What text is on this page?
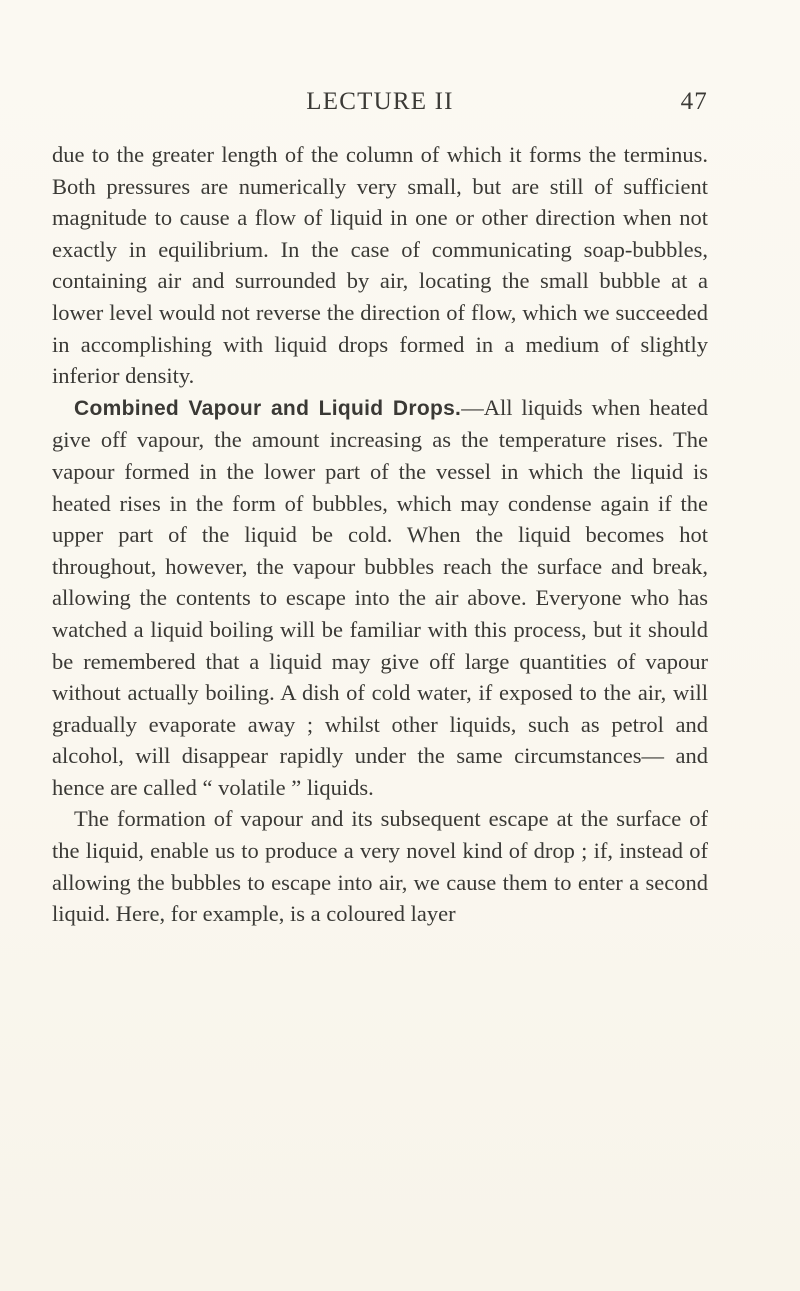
LECTURE II	47

due to the greater length of the column of which it forms the terminus. Both pressures are numerically very small, but are still of sufficient magnitude to cause a flow of liquid in one or other direction when not exactly in equilibrium. In the case of communicating soap-bubbles, containing air and surrounded by air, locating the small bubble at a lower level would not reverse the direction of flow, which we succeeded in accomplishing with liquid drops formed in a medium of slightly inferior density.

Combined Vapour and Liquid Drops.—All liquids when heated give off vapour, the amount increasing as the temperature rises. The vapour formed in the lower part of the vessel in which the liquid is heated rises in the form of bubbles, which may condense again if the upper part of the liquid be cold. When the liquid becomes hot throughout, however, the vapour bubbles reach the surface and break, allowing the contents to escape into the air above. Everyone who has watched a liquid boiling will be familiar with this process, but it should be remembered that a liquid may give off large quantities of vapour without actually boiling. A dish of cold water, if exposed to the air, will gradually evaporate away ; whilst other liquids, such as petrol and alcohol, will disappear rapidly under the same circumstances— and hence are called “ volatile ” liquids.

The formation of vapour and its subsequent escape at the surface of the liquid, enable us to produce a very novel kind of drop ; if, instead of allowing the bubbles to escape into air, we cause them to enter a second liquid. Here, for example, is a coloured layer
